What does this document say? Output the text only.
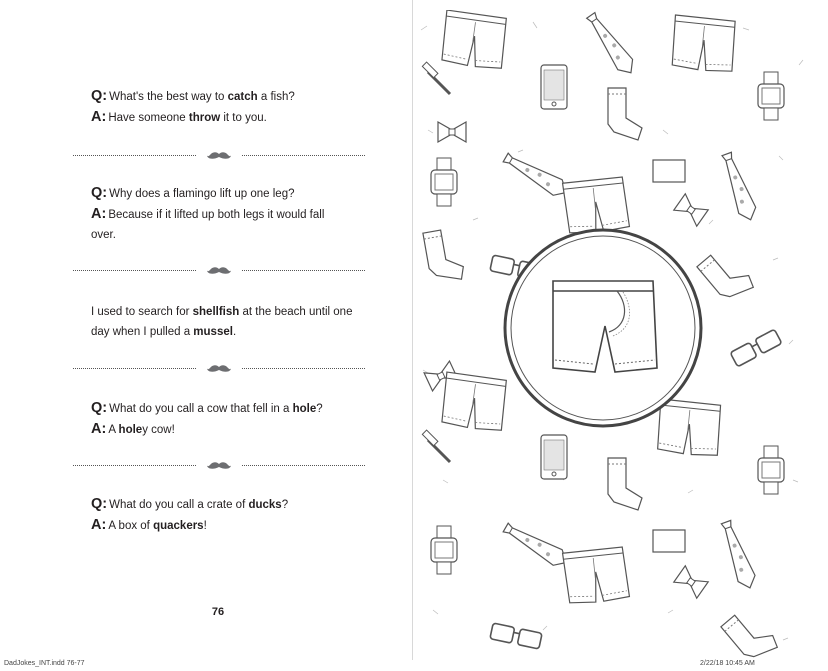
Q: What's the best way to catch a fish?
A: Have someone throw it to you.
Q: Why does a flamingo lift up one leg?
A: Because if it lifted up both legs it would fall over.
I used to search for shellfish at the beach until one day when I pulled a mussel.
Q: What do you call a cow that fell in a hole?
A: A holey cow!
Q: What do you call a crate of ducks?
A: A box of quackers!
76
DadJokes_INT.indd 76-77	2/22/18 10:45 AM
